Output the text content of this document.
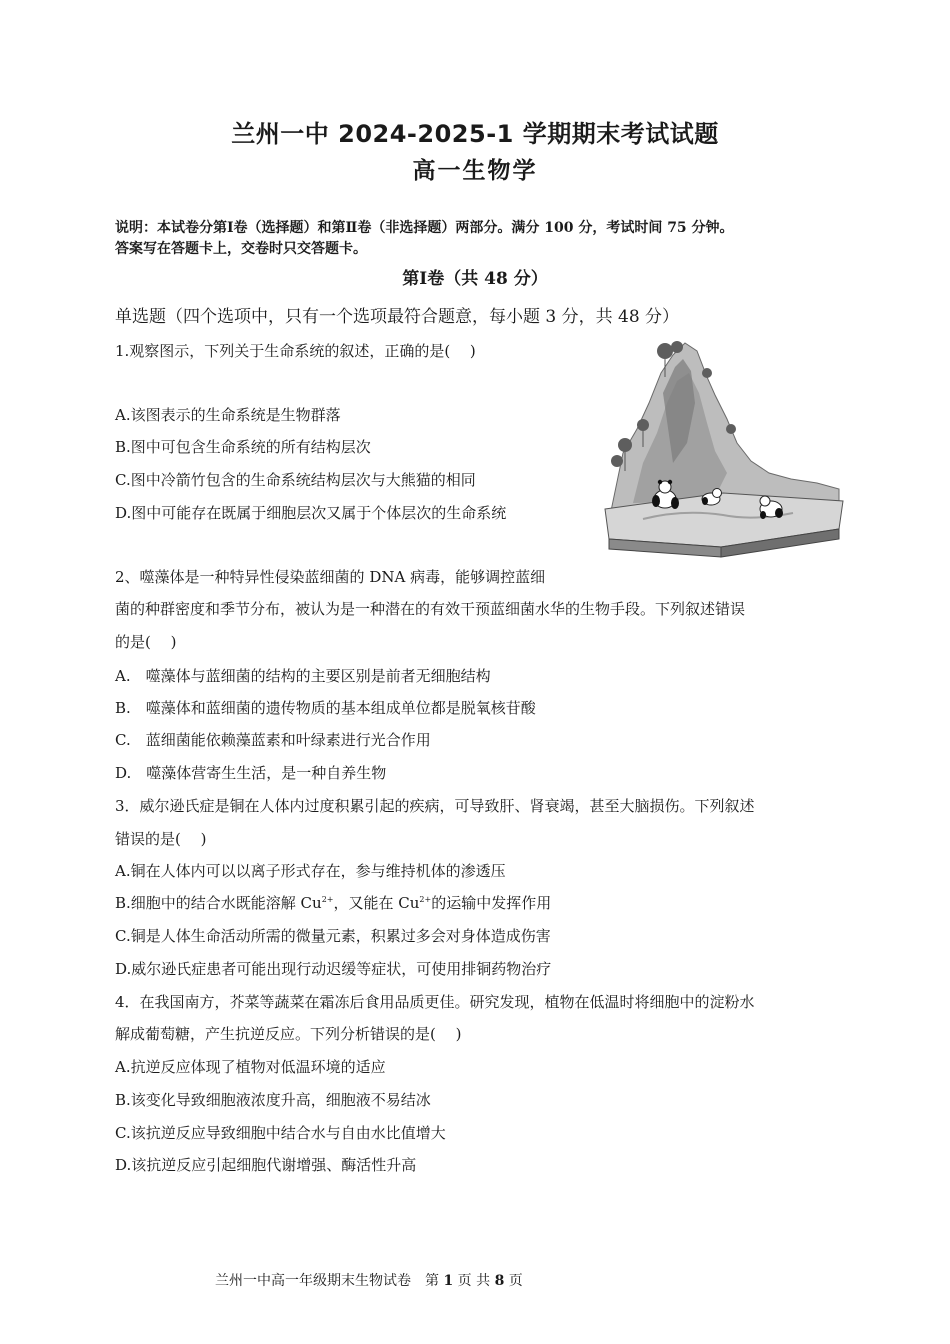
兰州一中 2024-2025-1 学期期末考试试题
高一生物学
说明：本试卷分第Ⅰ卷（选择题）和第Ⅱ卷（非选择题）两部分。满分 100 分，考试时间 75 分钟。
答案写在答题卡上，交卷时只交答题卡。
第Ⅰ卷（共 48 分）
单选题（四个选项中，只有一个选项最符合题意，每小题 3 分，共 48 分）
1.观察图示，下列关于生命系统的叙述，正确的是(　 )
A.该图表示的生命系统是生物群落
B.图中可包含生命系统的所有结构层次
C.图中冷箭竹包含的生命系统结构层次与大熊猫的相同
D.图中可能存在既属于细胞层次又属于个体层次的生命系统
2、噬藻体是一种特异性侵染蓝细菌的 DNA 病毒，能够调控蓝细
菌的种群密度和季节分布，被认为是一种潜在的有效干预蓝细菌水华的生物手段。下列叙述错误
的是(　 )
A.　噬藻体与蓝细菌的结构的主要区别是前者无细胞结构
B.　噬藻体和蓝细菌的遗传物质的基本组成单位都是脱氧核苷酸
C.　蓝细菌能依赖藻蓝素和叶绿素进行光合作用
D.　噬藻体营寄生生活，是一种自养生物
3．威尔逊氏症是铜在人体内过度积累引起的疾病，可导致肝、肾衰竭，甚至大脑损伤。下列叙述
错误的是(　 )
A.铜在人体内可以以离子形式存在，参与维持机体的渗透压
B.细胞中的结合水既能溶解 $Cu^{2+}$，又能在 $Cu^{2+}$的运输中发挥作用
C.铜是人体生命活动所需的微量元素，积累过多会对身体造成伤害
D.威尔逊氏症患者可能出现行动迟缓等症状，可使用排铜药物治疗
4．在我国南方，芥菜等蔬菜在霜冻后食用品质更佳。研究发现，植物在低温时将细胞中的淀粉水
解成葡萄糖，产生抗逆反应。下列分析错误的是(　 )
A.抗逆反应体现了植物对低温环境的适应
B.该变化导致细胞液浓度升高，细胞液不易结冰
C.该抗逆反应导致细胞中结合水与自由水比值增大
D.该抗逆反应引起细胞代谢增强、酶活性升高
兰州一中高一年级期末生物试卷　第 1 页 共 8 页
